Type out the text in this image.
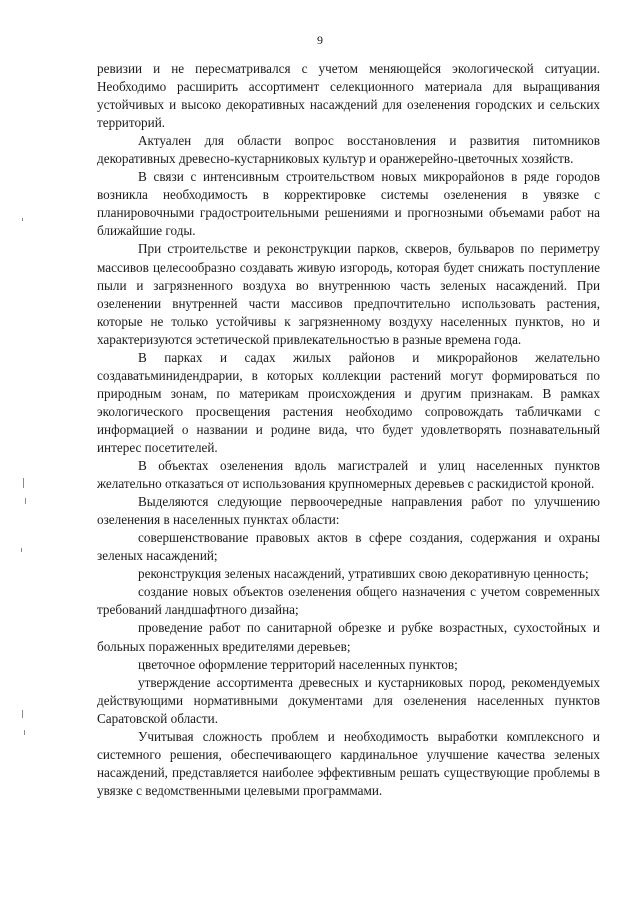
9

ревизии и не пересматривался с учетом меняющейся экологической ситуации. Необходимо расширить ассортимент селекционного материала для выращивания устойчивых и высоко декоративных насаждений для озеленения городских и сельских территорий.

Актуален для области вопрос восстановления и развития питомников декоративных древесно-кустарниковых культур и оранжерейно-цветочных хозяйств.

В связи с интенсивным строительством новых микрорайонов в ряде городов возникла необходимость в корректировке системы озеленения в увязке с планировочными градостроительными решениями и прогнозными объемами работ на ближайшие годы.

При строительстве и реконструкции парков, скверов, бульваров по периметру массивов целесообразно создавать живую изгородь, которая будет снижать поступление пыли и загрязненного воздуха во внутреннюю часть зеленых насаждений. При озеленении внутренней части массивов предпочтительно использовать растения, которые не только устойчивы к загрязненному воздуху населенных пунктов, но и характеризуются эстетической привлекательностью в разные времена года.

В парках и садах жилых районов и микрорайонов желательно создаватьминидендрарии, в которых коллекции растений могут формироваться по природным зонам, по материкам происхождения и другим признакам. В рамках экологического просвещения растения необходимо сопровождать табличками с информацией о названии и родине вида, что будет удовлетворять познавательный интерес посетителей.

В объектах озеленения вдоль магистралей и улиц населенных пунктов желательно отказаться от использования крупномерных деревьев с раскидистой кроной.

Выделяются следующие первоочередные направления работ по улучшению озеленения в населенных пунктах области:

совершенствование правовых актов в сфере создания, содержания и охраны зеленых насаждений;

реконструкция зеленых насаждений, утративших свою декоративную ценность;

создание новых объектов озеленения общего назначения с учетом современных требований ландшафтного дизайна;

проведение работ по санитарной обрезке и рубке возрастных, сухостойных и больных пораженных вредителями деревьев;

цветочное оформление территорий населенных пунктов;

утверждение ассортимента древесных и кустарниковых пород, рекомендуемых действующими нормативными документами для озеленения населенных пунктов Саратовской области.

Учитывая сложность проблем и необходимость выработки комплексного и системного решения, обеспечивающего кардинальное улучшение качества зеленых насаждений, представляется наиболее эффективным решать существующие проблемы в увязке с ведомственными целевыми программами.
